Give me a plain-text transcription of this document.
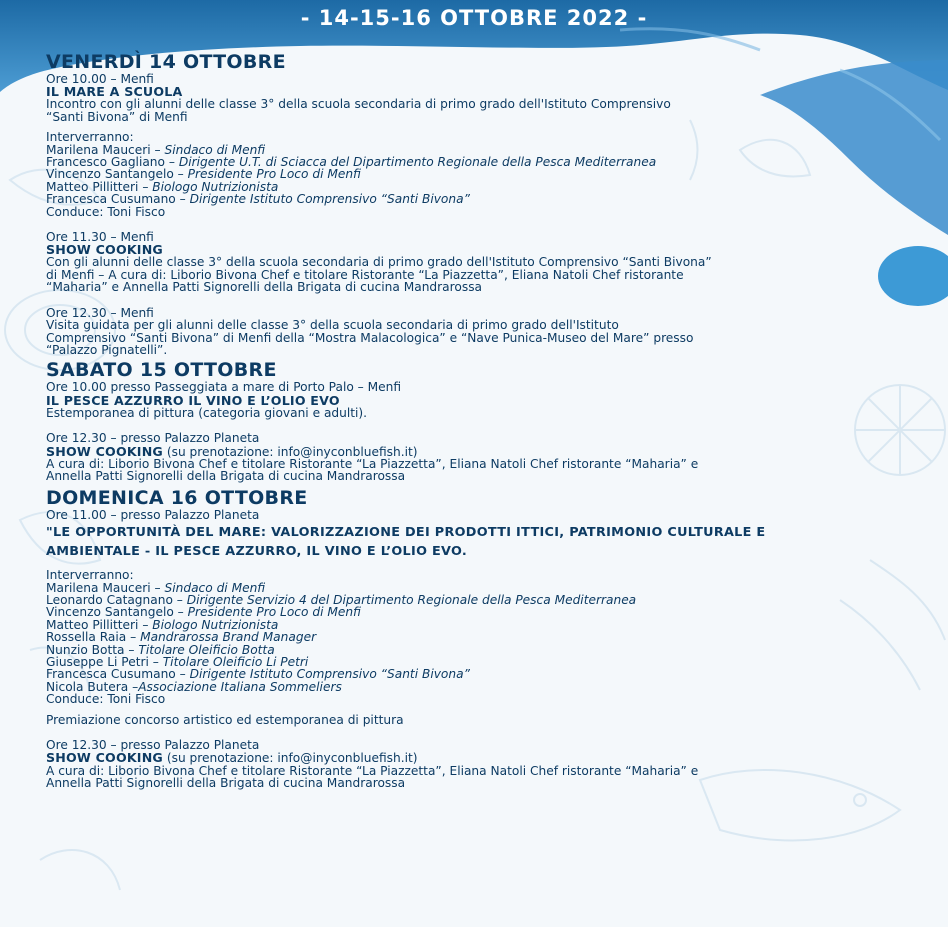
- 14-15-16 OTTOBRE 2022 -
VENERDÌ 14 OTTOBRE

Ore 10.00 – Menfi

IL MARE A SCUOLA

Incontro con gli alunni delle classe 3° della scuola secondaria di primo grado dell'Istituto Comprensivo

“Santi Bivona” di Menfi

Interverranno:

Marilena Mauceri – Sindaco di Menfi

Francesco Gagliano – Dirigente U.T. di Sciacca del Dipartimento Regionale della Pesca Mediterranea

Vincenzo Santangelo – Presidente Pro Loco di Menfi

Matteo Pillitteri – Biologo Nutrizionista

Francesca Cusumano – Dirigente Istituto Comprensivo “Santi Bivona”

Conduce: Toni Fisco

Ore 11.30 – Menfi

SHOW COOKING

Con gli alunni delle classe 3° della scuola secondaria di primo grado dell'Istituto Comprensivo “Santi Bivona”

di Menfi – A cura di: Liborio Bivona Chef e titolare Ristorante “La Piazzetta”, Eliana Natoli Chef ristorante

“Maharia” e Annella Patti Signorelli della Brigata di cucina Mandrarossa

Ore 12.30 – Menfi

Visita guidata per gli alunni delle classe 3° della scuola secondaria di primo grado dell'Istituto

Comprensivo “Santi Bivona” di Menfi della “Mostra Malacologica” e “Nave Punica-Museo del Mare” presso

“Palazzo Pignatelli”.

SABATO 15 OTTOBRE

Ore 10.00 presso Passeggiata a mare di Porto Palo – Menfi

IL PESCE AZZURRO IL VINO E L’OLIO EVO

Estemporanea di pittura (categoria giovani e adulti).

Ore 12.30 – presso Palazzo Planeta

SHOW COOKING (su prenotazione: info@inyconbluefish.it)

A cura di: Liborio Bivona Chef e titolare Ristorante “La Piazzetta”, Eliana Natoli Chef ristorante “Maharia” e

Annella Patti Signorelli della Brigata di cucina Mandrarossa

DOMENICA 16 OTTOBRE

Ore 11.00 – presso Palazzo Planeta

"LE OPPORTUNITÀ DEL MARE: VALORIZZAZIONE DEI PRODOTTI ITTICI, PATRIMONIO CULTURALE E

AMBIENTALE - IL PESCE AZZURRO, IL VINO E L’OLIO EVO.

Interverranno:

Marilena Mauceri – Sindaco di Menfi

Leonardo Catagnano – Dirigente Servizio 4 del Dipartimento Regionale della Pesca Mediterranea

Vincenzo Santangelo – Presidente Pro Loco di Menfi

Matteo Pillitteri – Biologo Nutrizionista

Rossella Raia – Mandrarossa Brand Manager

Nunzio Botta – Titolare Oleificio Botta

Giuseppe Li Petri – Titolare Oleificio Li Petri

Francesca Cusumano – Dirigente Istituto Comprensivo “Santi Bivona”

Nicola Butera –Associazione Italiana Sommeliers

Conduce: Toni Fisco

Premiazione concorso artistico ed estemporanea di pittura

Ore 12.30 – presso Palazzo Planeta

SHOW COOKING (su prenotazione: info@inyconbluefish.it)

A cura di: Liborio Bivona Chef e titolare Ristorante “La Piazzetta”, Eliana Natoli Chef ristorante “Maharia” e

Annella Patti Signorelli della Brigata di cucina Mandrarossa
